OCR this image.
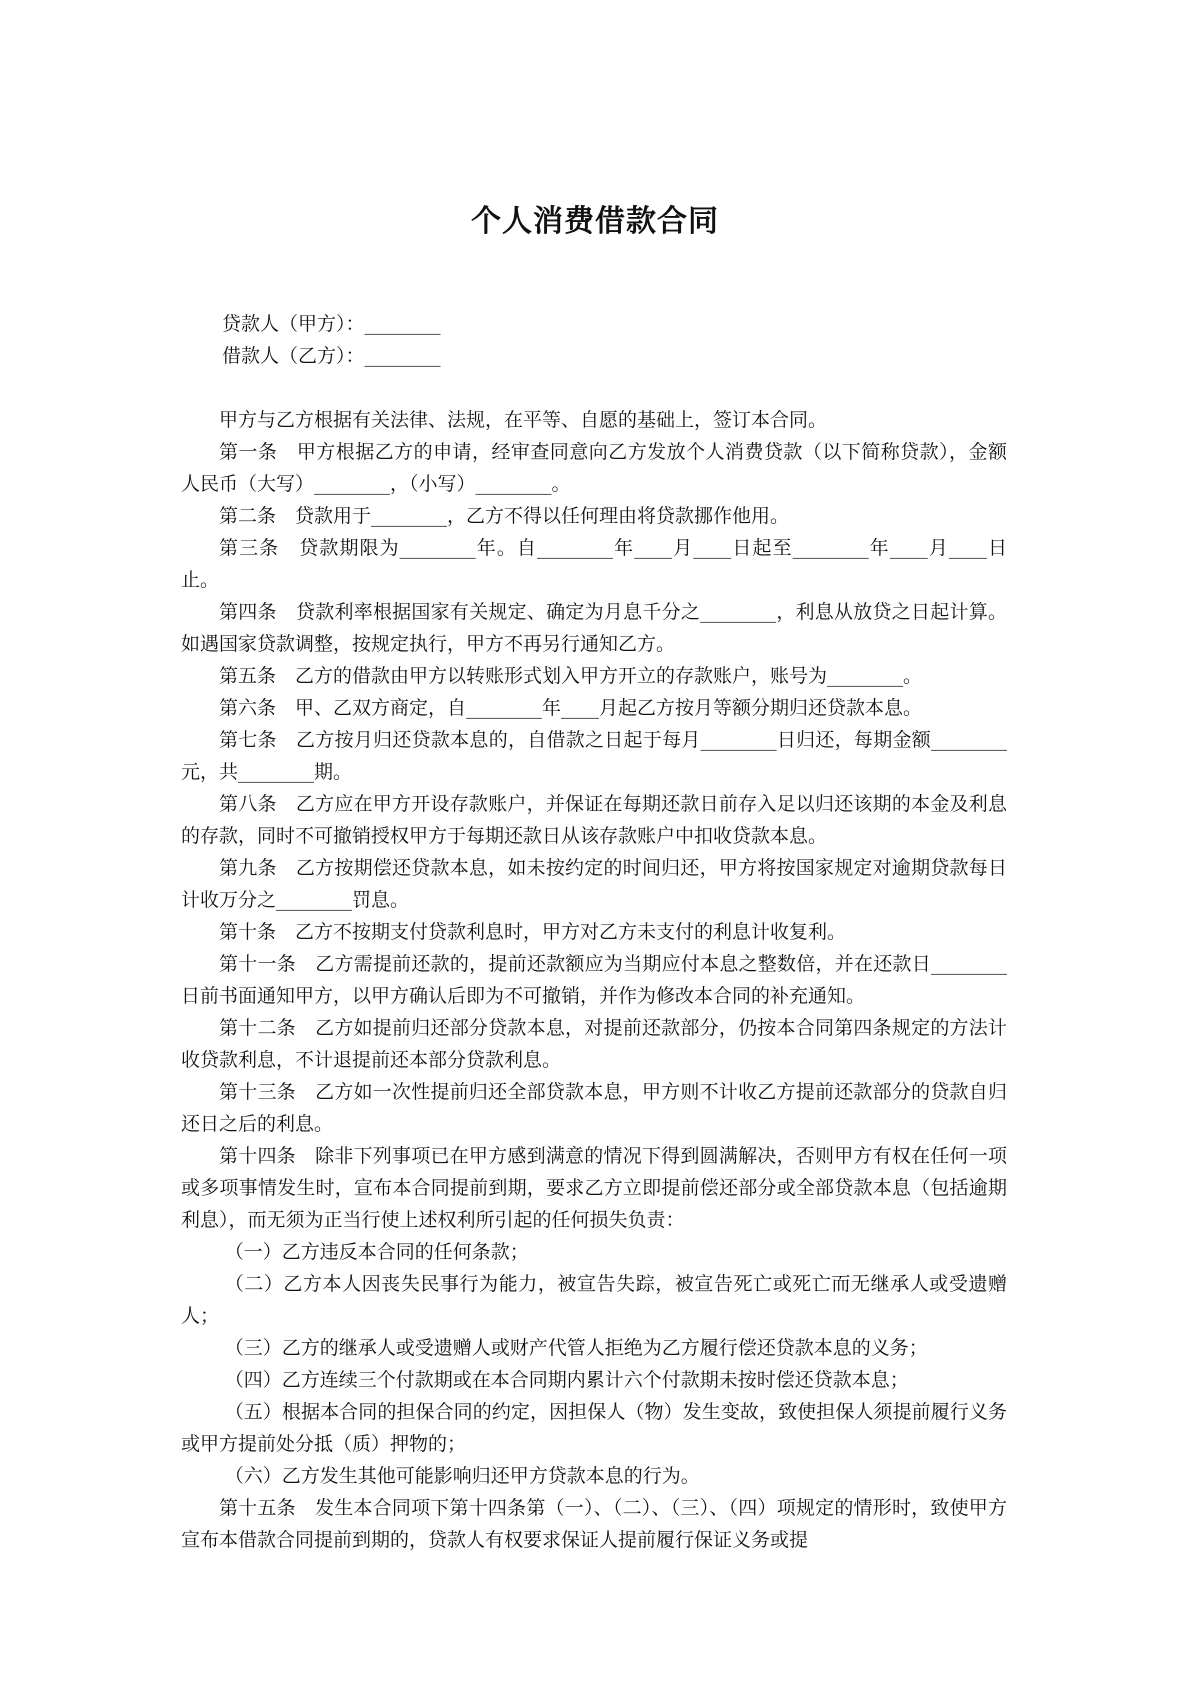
个人消费借款合同
贷款人（甲方）：________
借款人（乙方）：________

甲方与乙方根据有关法律、法规，在平等、自愿的基础上，签订本合同。

第一条　甲方根据乙方的申请，经审查同意向乙方发放个人消费贷款（以下简称贷款），金额人民币（大写）________，（小写）________。

第二条　贷款用于________，乙方不得以任何理由将贷款挪作他用。

第三条　贷款期限为________年。自________年____月____日起至________年____月____日止。

第四条　贷款利率根据国家有关规定、确定为月息千分之________，利息从放贷之日起计算。如遇国家贷款调整，按规定执行，甲方不再另行通知乙方。

第五条　乙方的借款由甲方以转账形式划入甲方开立的存款账户，账号为________。

第六条　甲、乙双方商定，自________年____月起乙方按月等额分期归还贷款本息。

第七条　乙方按月归还贷款本息的，自借款之日起于每月________日归还，每期金额________元，共________期。

第八条　乙方应在甲方开设存款账户，并保证在每期还款日前存入足以归还该期的本金及利息的存款，同时不可撤销授权甲方于每期还款日从该存款账户中扣收贷款本息。

第九条　乙方按期偿还贷款本息，如未按约定的时间归还，甲方将按国家规定对逾期贷款每日计收万分之________罚息。

第十条　乙方不按期支付贷款利息时，甲方对乙方未支付的利息计收复利。

第十一条　乙方需提前还款的，提前还款额应为当期应付本息之整数倍，并在还款日________日前书面通知甲方，以甲方确认后即为不可撤销，并作为修改本合同的补充通知。

第十二条　乙方如提前归还部分贷款本息，对提前还款部分，仍按本合同第四条规定的方法计收贷款利息，不计退提前还本部分贷款利息。

第十三条　乙方如一次性提前归还全部贷款本息，甲方则不计收乙方提前还款部分的贷款自归还日之后的利息。

第十四条　除非下列事项已在甲方感到满意的情况下得到圆满解决，否则甲方有权在任何一项或多项事情发生时，宣布本合同提前到期，要求乙方立即提前偿还部分或全部贷款本息（包括逾期利息），而无须为正当行使上述权利所引起的任何损失负责：

（一）乙方违反本合同的任何条款；

（二）乙方本人因丧失民事行为能力，被宣告失踪，被宣告死亡或死亡而无继承人或受遗赠人；

（三）乙方的继承人或受遗赠人或财产代管人拒绝为乙方履行偿还贷款本息的义务；

（四）乙方连续三个付款期或在本合同期内累计六个付款期未按时偿还贷款本息；

（五）根据本合同的担保合同的约定，因担保人（物）发生变故，致使担保人须提前履行义务或甲方提前处分抵（质）押物的；

（六）乙方发生其他可能影响归还甲方贷款本息的行为。

第十五条　发生本合同项下第十四条第（一）、（二）、（三）、（四）项规定的情形时，致使甲方宣布本借款合同提前到期的，贷款人有权要求保证人提前履行保证义务或提
